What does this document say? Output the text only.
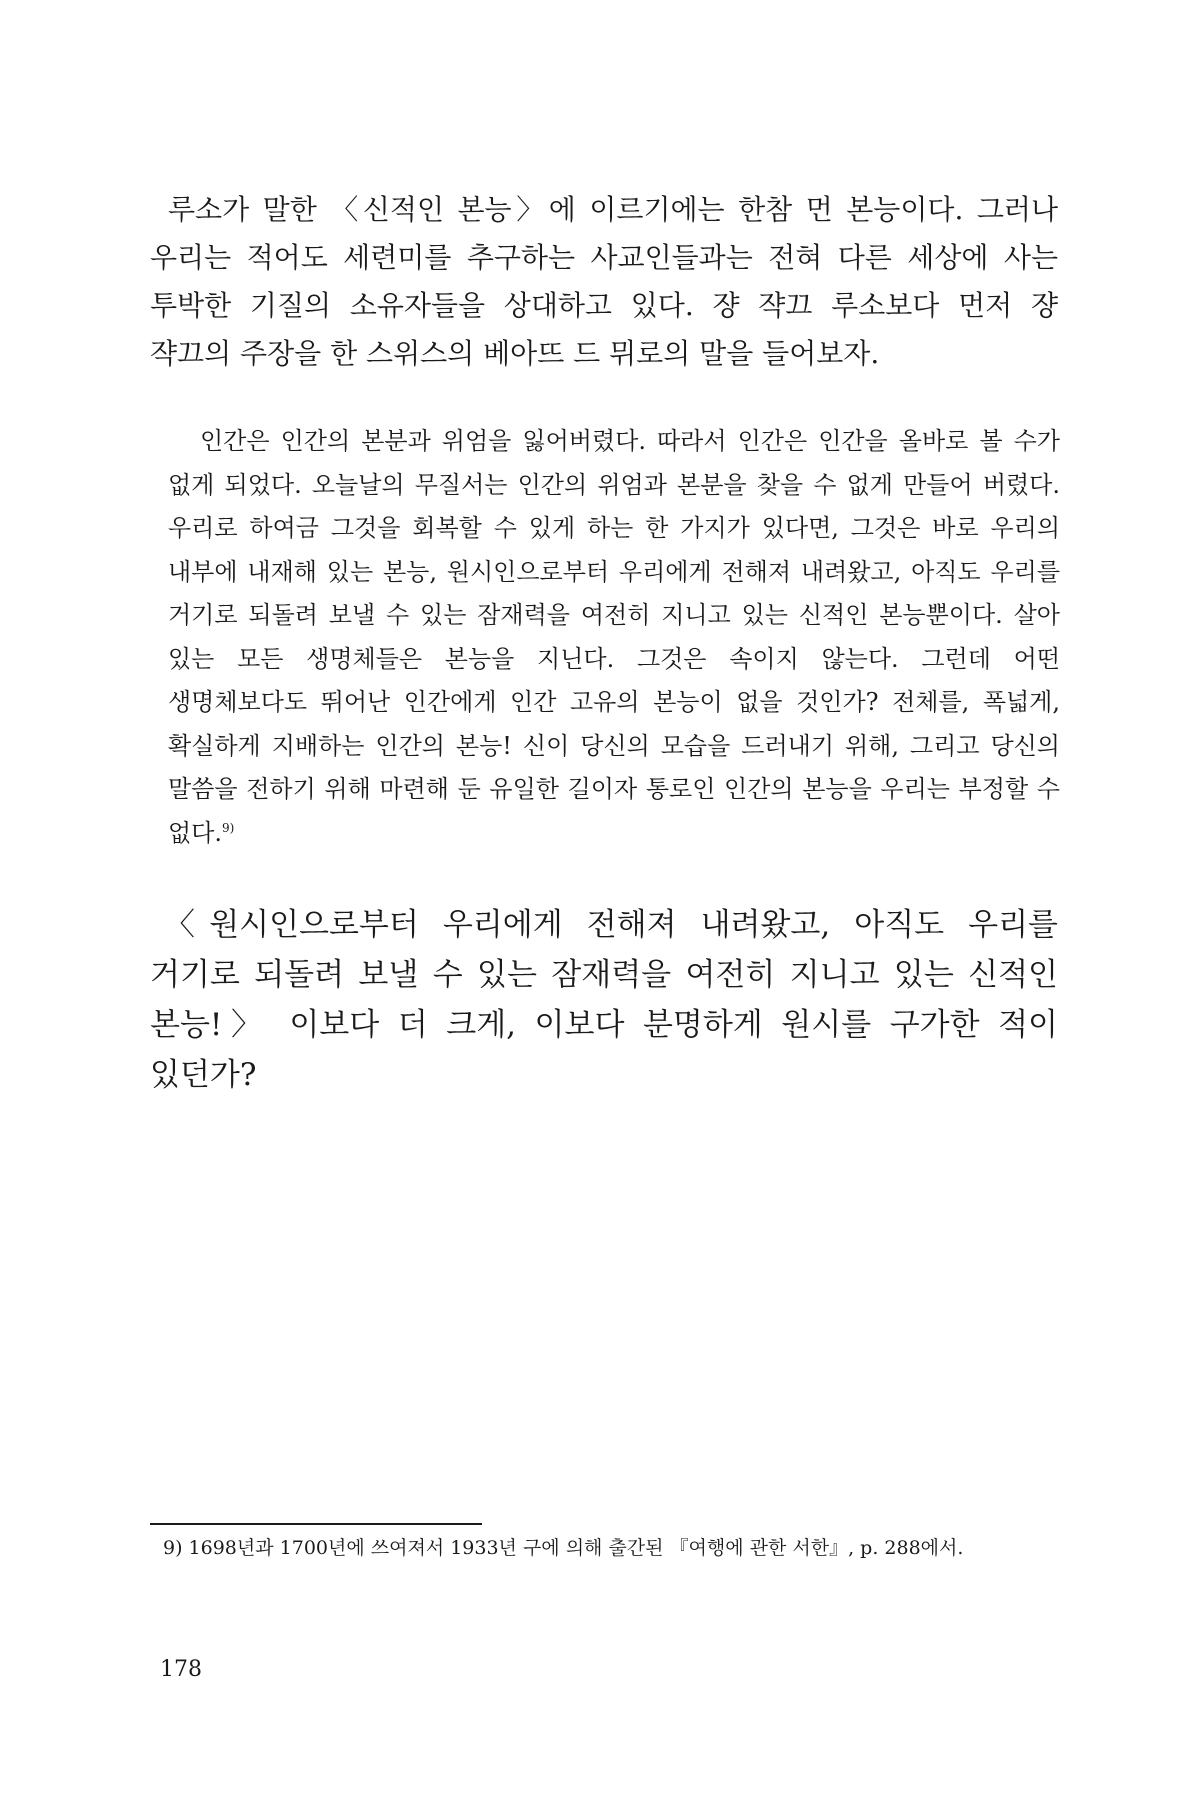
루소가 말한 〈신적인 본능〉에 이르기에는 한참 먼 본능이다. 그러나 우리는 적어도 세련미를 추구하는 사교인들과는 전혀 다른 세상에 사는 투박한 기질의 소유자들을 상대하고 있다. 쟝 쟉끄 루소보다 먼저 쟝 쟉끄의 주장을 한 스위스의 베아뜨 드 뮈로의 말을 들어보자.

인간은 인간의 본분과 위엄을 잃어버렸다. 따라서 인간은 인간을 올바로 볼 수가 없게 되었다. 오늘날의 무질서는 인간의 위엄과 본분을 찾을 수 없게 만들어 버렸다. 우리로 하여금 그것을 회복할 수 있게 하는 한 가지가 있다면, 그것은 바로 우리의 내부에 내재해 있는 본능, 원시인으로부터 우리에게 전해져 내려왔고, 아직도 우리를 거기로 되돌려 보낼 수 있는 잠재력을 여전히 지니고 있는 신적인 본능뿐이다. 살아 있는 모든 생명체들은 본능을 지닌다. 그것은 속이지 않는다. 그런데 어떤 생명체보다도 뛰어난 인간에게 인간 고유의 본능이 없을 것인가? 전체를, 폭넓게, 확실하게 지배하는 인간의 본능! 신이 당신의 모습을 드러내기 위해, 그리고 당신의 말씀을 전하기 위해 마련해 둔 유일한 길이자 통로인 인간의 본능을 우리는 부정할 수 없다.$^{9)}$

〈원시인으로부터 우리에게 전해져 내려왔고, 아직도 우리를 거기로 되돌려 보낼 수 있는 잠재력을 여전히 지니고 있는 신적인 본능!〉 이보다 더 크게, 이보다 분명하게 원시를 구가한 적이 있던가?

9) 1698년과 1700년에 쓰여져서 1933년 구에 의해 출간된 『여행에 관한 서한』, p. 288에서.
178
